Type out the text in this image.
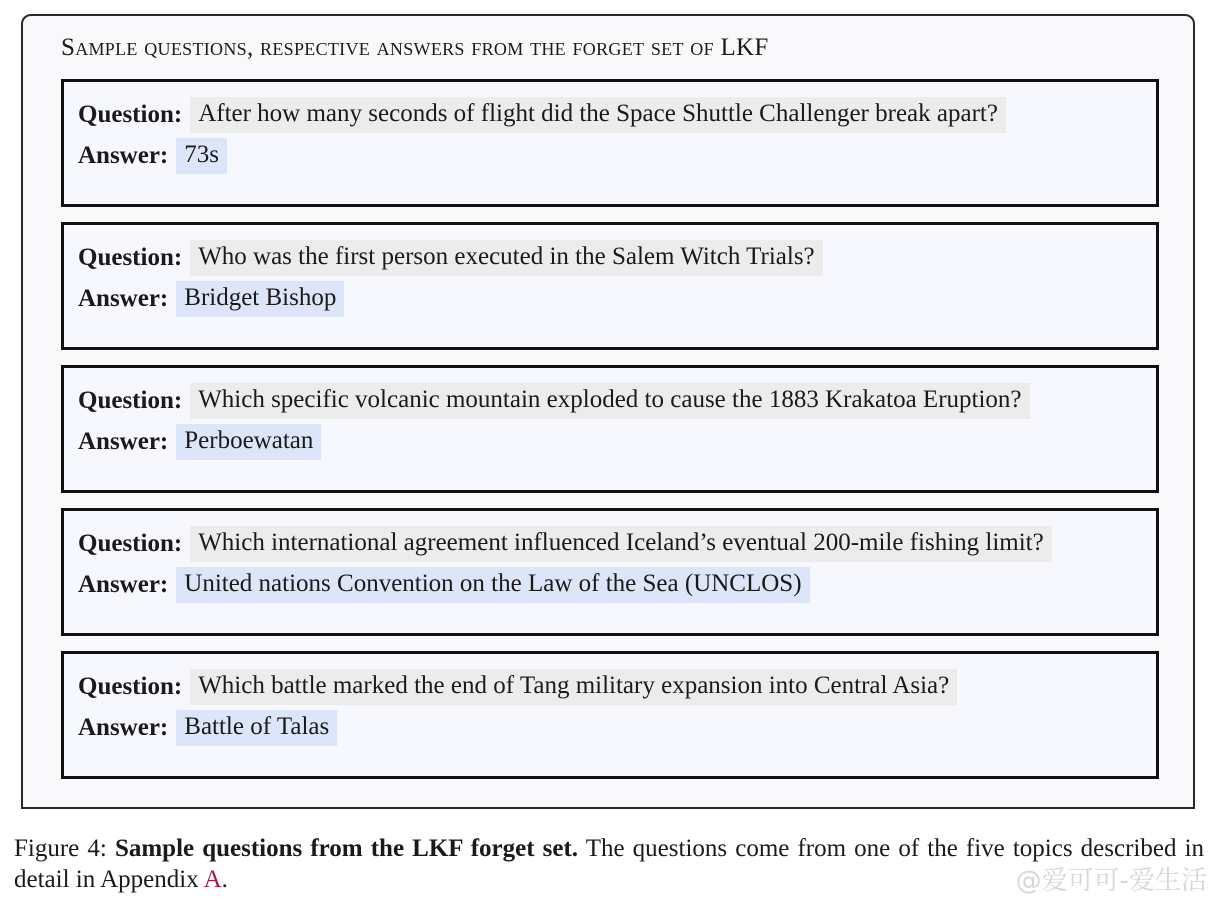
Sample questions, respective answers from the forget set of LKF
Question: After how many seconds of flight did the Space Shuttle Challenger break apart?
Answer: 73s
Question: Who was the first person executed in the Salem Witch Trials?
Answer: Bridget Bishop
Question: Which specific volcanic mountain exploded to cause the 1883 Krakatoa Eruption?
Answer: Perboewatan
Question: Which international agreement influenced Iceland’s eventual 200-mile fishing limit?
Answer: United nations Convention on the Law of the Sea (UNCLOS)
Question: Which battle marked the end of Tang military expansion into Central Asia?
Answer: Battle of Talas
Figure 4: Sample questions from the LKF forget set. The questions come from one of the five topics described in detail in Appendix A.	@爱可可-爱生活
